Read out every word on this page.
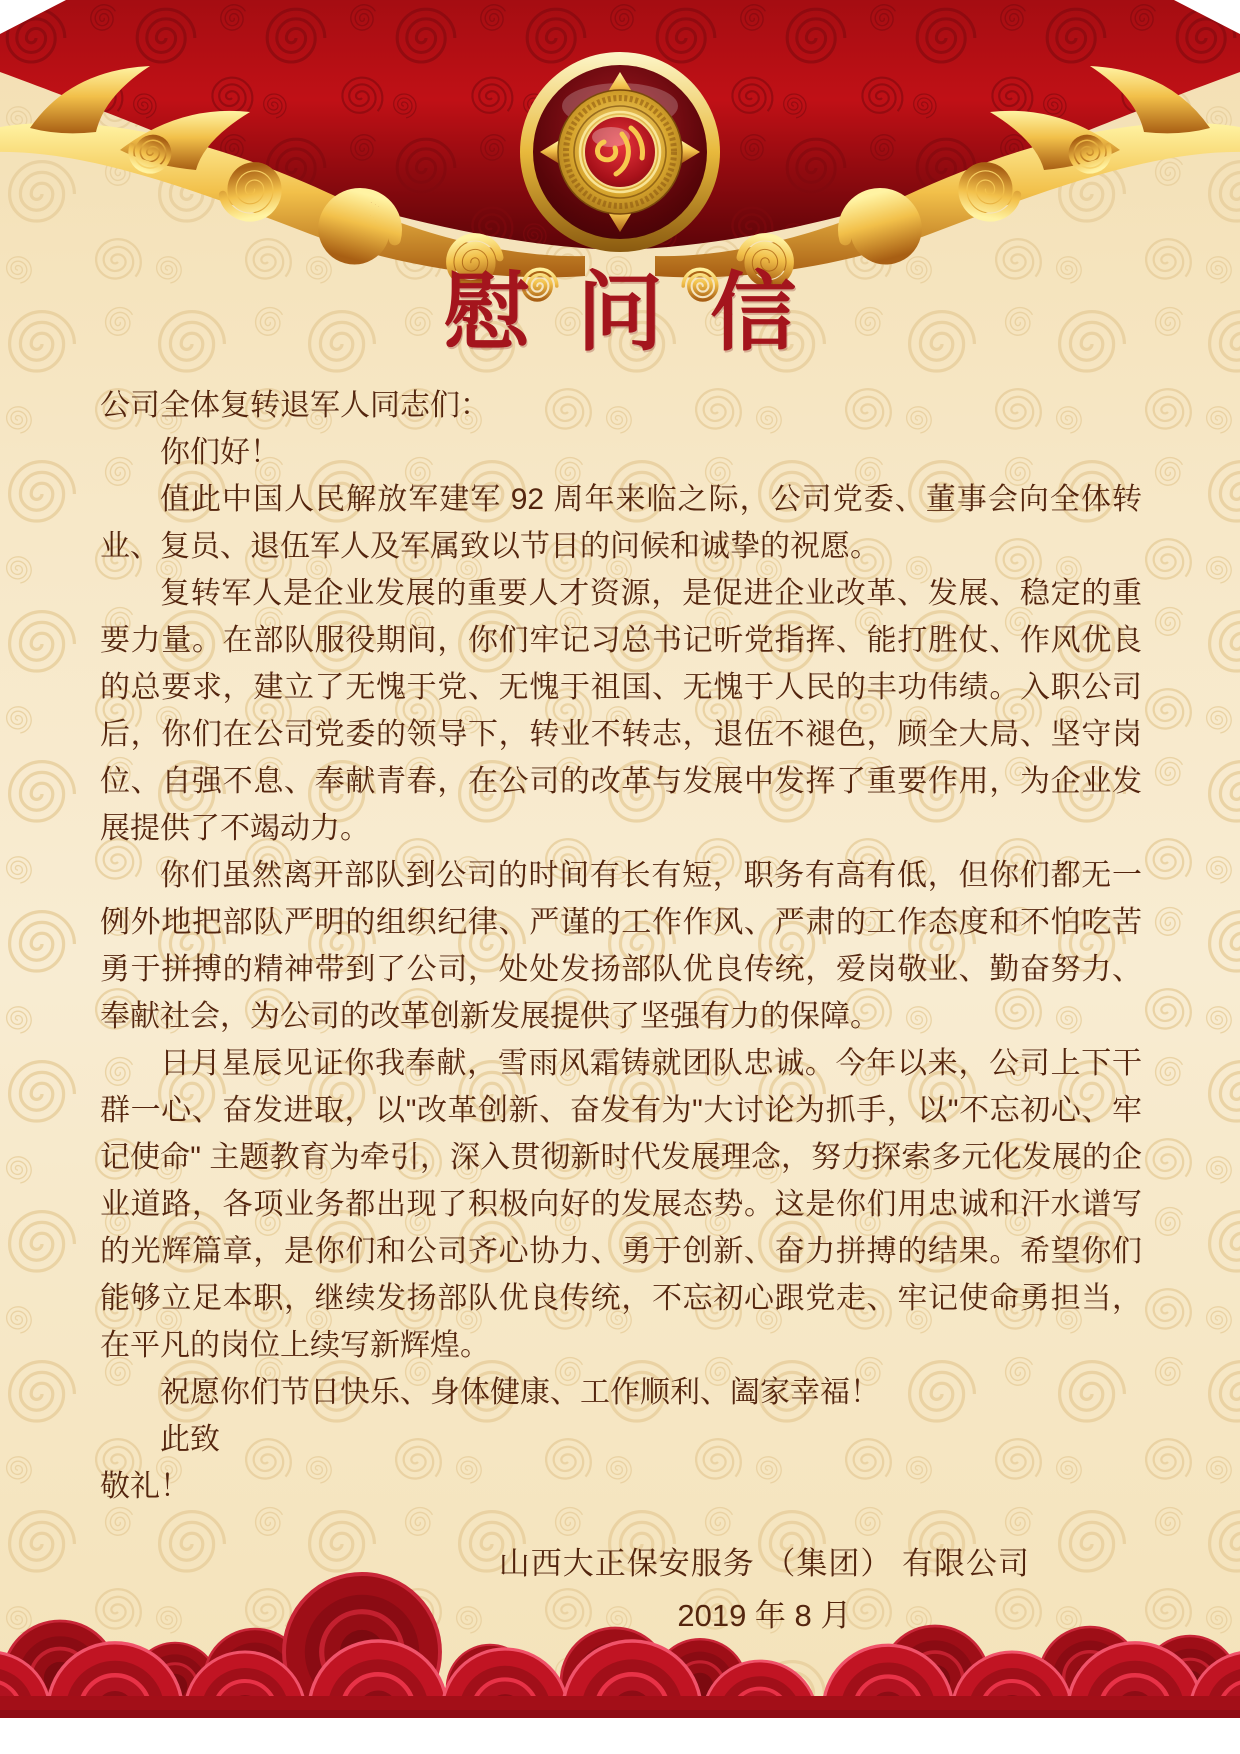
慰问信

公司全体复转退军人同志们：

你们好！

值此中国人民解放军建军 92 周年来临之际，公司党委、董事会向全体转业、复员、退伍军人及军属致以节日的问候和诚挚的祝愿。

复转军人是企业发展的重要人才资源，是促进企业改革、发展、稳定的重要力量。在部队服役期间，你们牢记习总书记听党指挥、能打胜仗、作风优良的总要求，建立了无愧于党、无愧于祖国、无愧于人民的丰功伟绩。入职公司后，你们在公司党委的领导下，转业不转志，退伍不褪色，顾全大局、坚守岗位、自强不息、奉献青春，在公司的改革与发展中发挥了重要作用，为企业发展提供了不竭动力。

你们虽然离开部队到公司的时间有长有短，职务有高有低，但你们都无一例外地把部队严明的组织纪律、严谨的工作作风、严肃的工作态度和不怕吃苦勇于拼搏的精神带到了公司，处处发扬部队优良传统，爱岗敬业、勤奋努力、奉献社会，为公司的改革创新发展提供了坚强有力的保障。

日月星辰见证你我奉献，雪雨风霜铸就团队忠诚。今年以来，公司上下干群一心、奋发进取，以"改革创新、奋发有为"大讨论为抓手，以"不忘初心、牢记使命" 主题教育为牵引，深入贯彻新时代发展理念，努力探索多元化发展的企业道路，各项业务都出现了积极向好的发展态势。这是你们用忠诚和汗水谱写的光辉篇章，是你们和公司齐心协力、勇于创新、奋力拼搏的结果。希望你们能够立足本职，继续发扬部队优良传统，不忘初心跟党走、牢记使命勇担当，在平凡的岗位上续写新辉煌。

祝愿你们节日快乐、身体健康、工作顺利、阖家幸福！

此致

敬礼！

山西大正保安服务 （集团） 有限公司
2019 年 8 月
